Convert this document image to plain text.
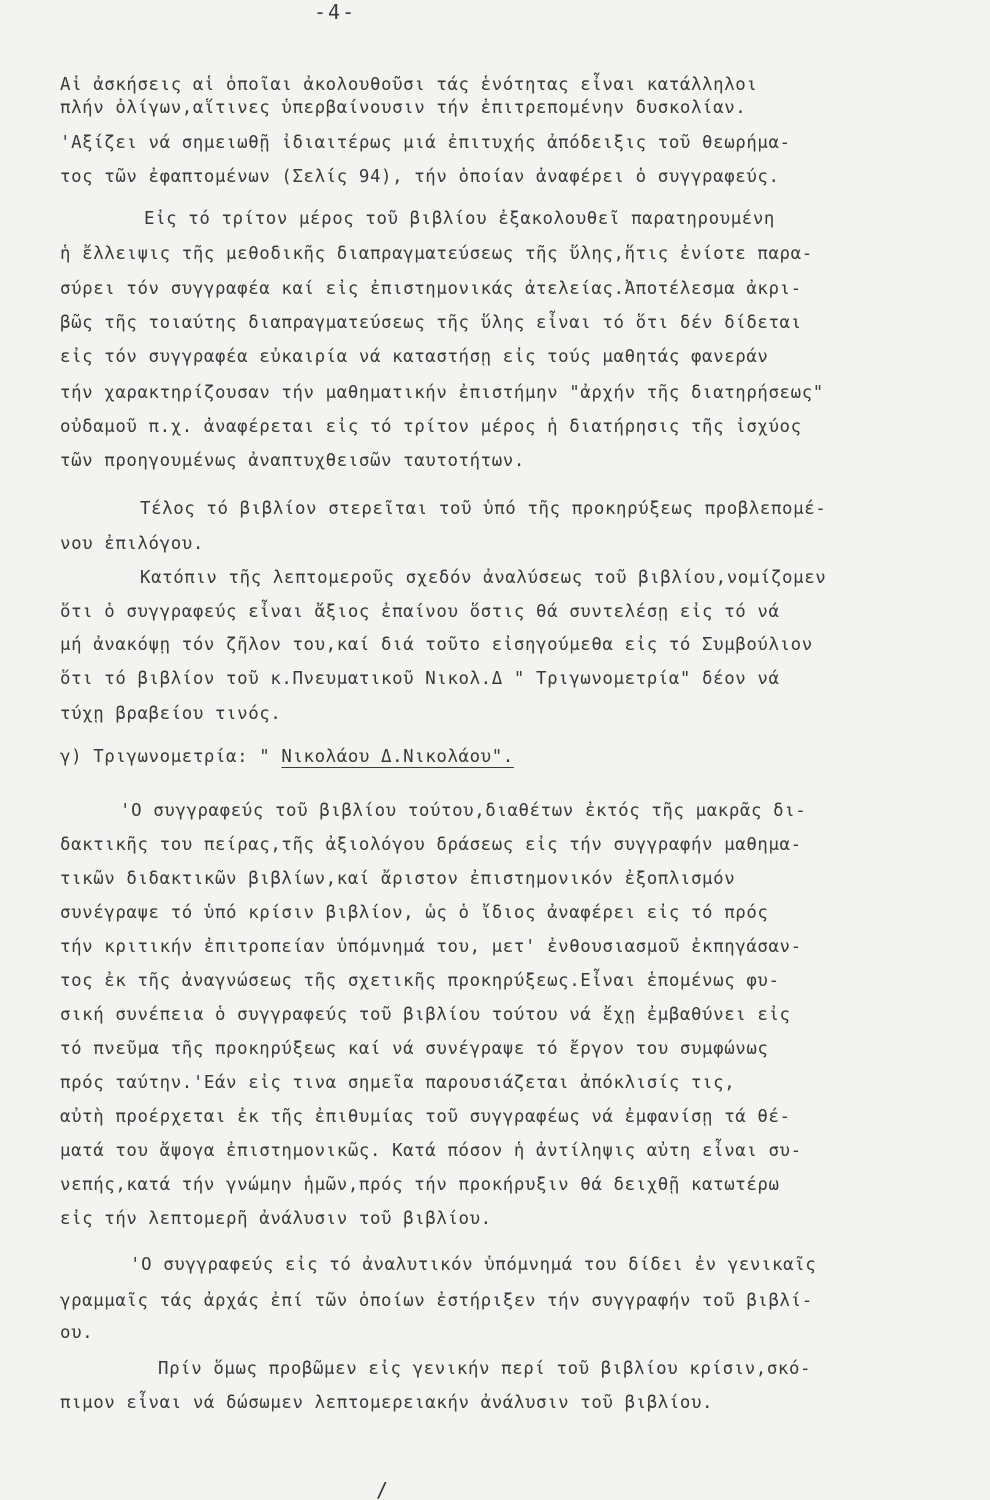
-4-
Αἱ ἀσκήσεις αἱ ὁποῖαι ἀκολουθοῦσι τάς ἑνότητας εἶναι κατάλληλοι
πλήν ὀλίγων,αἵτινες ὑπερβαίνουσιν τήν ἐπιτρεπομένην δυσκολίαν.
'Αξίζει νά σημειωθῇ ἰδιαιτέρως μιά ἐπιτυχής ἀπόδειξις τοῦ θεωρήμα-
τος τῶν ἐφαπτομένων (Σελίς 94), τήν ὁποίαν ἀναφέρει ὁ συγγραφεύς.
Εἰς τό τρίτον μέρος τοῦ βιβλίου ἐξακολουθεῖ παρατηρουμένη
ἡ ἔλλειψις τῆς μεθοδικῆς διαπραγματεύσεως τῆς ὕλης,ἥτις ἐνίοτε παρα-
σύρει τόν συγγραφέα καί εἰς ἐπιστημονικάς ἀτελείας.Ἀποτέλεσμα ἀκρι-
βῶς τῆς τοιαύτης διαπραγματεύσεως τῆς ὕλης εἶναι τό ὅτι δέν δίδεται
εἰς τόν συγγραφέα εὐκαιρία νά καταστήσῃ εἰς τούς μαθητάς φανεράν
τήν χαρακτηρίζουσαν τήν μαθηματικήν ἐπιστήμην "ἀρχήν τῆς διατηρήσεως"
οὐδαμοῦ π.χ. ἀναφέρεται εἰς τό τρίτον μέρος ἡ διατήρησις τῆς ἰσχύος
τῶν προηγουμένως ἀναπτυχθεισῶν ταυτοτήτων.
Τέλος τό βιβλίον στερεῖται τοῦ ὑπό τῆς προκηρύξεως προβλεπομέ-
νου ἐπιλόγου.
Κατόπιν τῆς λεπτομεροῦς σχεδόν ἀναλύσεως τοῦ βιβλίου,νομίζομεν
ὅτι ὁ συγγραφεύς εἶναι ἄξιος ἐπαίνου ὅστις θά συντελέσῃ εἰς τό νά
μή ἀνακόψῃ τόν ζῆλον του,καί διά τοῦτο εἰσηγούμεθα εἰς τό Συμβούλιον
ὅτι τό βιβλίον τοῦ κ.Πνευματικοῦ Νικολ.Δ " Τριγωνομετρία" δέον νά
τύχῃ βραβείου τινός.
γ) Τριγωνομετρία: " Νικολάου Δ.Νικολάου".
'Ο συγγραφεύς τοῦ βιβλίου τούτου,διαθέτων ἐκτός τῆς μακρᾶς δι-
δακτικῆς του πείρας,τῆς ἀξιολόγου δράσεως εἰς τήν συγγραφήν μαθημα-
τικῶν διδακτικῶν βιβλίων,καί ἄριστον ἐπιστημονικόν ἐξοπλισμόν
συνέγραψε τό ὑπό κρίσιν βιβλίον, ὡς ὁ ἴδιος ἀναφέρει εἰς τό πρός
τήν κριτικήν ἐπιτροπείαν ὑπόμνημά του, μετ' ἐνθουσιασμοῦ ἐκπηγάσαν-
τος ἐκ τῆς ἀναγνώσεως τῆς σχετικῆς προκηρύξεως.Εἶναι ἑπομένως φυ-
σική συνέπεια ὁ συγγραφεύς τοῦ βιβλίου τούτου νά ἔχῃ ἐμβαθύνει εἰς
τό πνεῦμα τῆς προκηρύξεως καί νά συνέγραψε τό ἔργον του συμφώνως
πρός ταύτην.'Εάν εἰς τινα σημεῖα παρουσιάζεται ἀπόκλισίς τις,
αὐτὴ προέρχεται ἐκ τῆς ἐπιθυμίας τοῦ συγγραφέως νά ἐμφανίσῃ τά θέ-
ματά του ἄψογα ἐπιστημονικῶς. Κατά πόσον ἡ ἀντίληψις αὐτη εἶναι συ-
νεπής,κατά τήν γνώμην ἡμῶν,πρός τήν προκήρυξιν θά δειχθῇ κατωτέρω
εἰς τήν λεπτομερῆ ἀνάλυσιν τοῦ βιβλίου.
'Ο συγγραφεύς εἰς τό ἀναλυτικόν ὑπόμνημά του δίδει ἐν γενικαῖς
γραμμαῖς τάς ἀρχάς ἐπί τῶν ὁποίων ἐστήριξεν τήν συγγραφήν τοῦ βιβλί-
ου.
Πρίν ὅμως προβῶμεν εἰς γενικήν περί τοῦ βιβλίου κρίσιν,σκό-
πιμον εἶναι νά δώσωμεν λεπτομερειακήν ἀνάλυσιν τοῦ βιβλίου.
/
